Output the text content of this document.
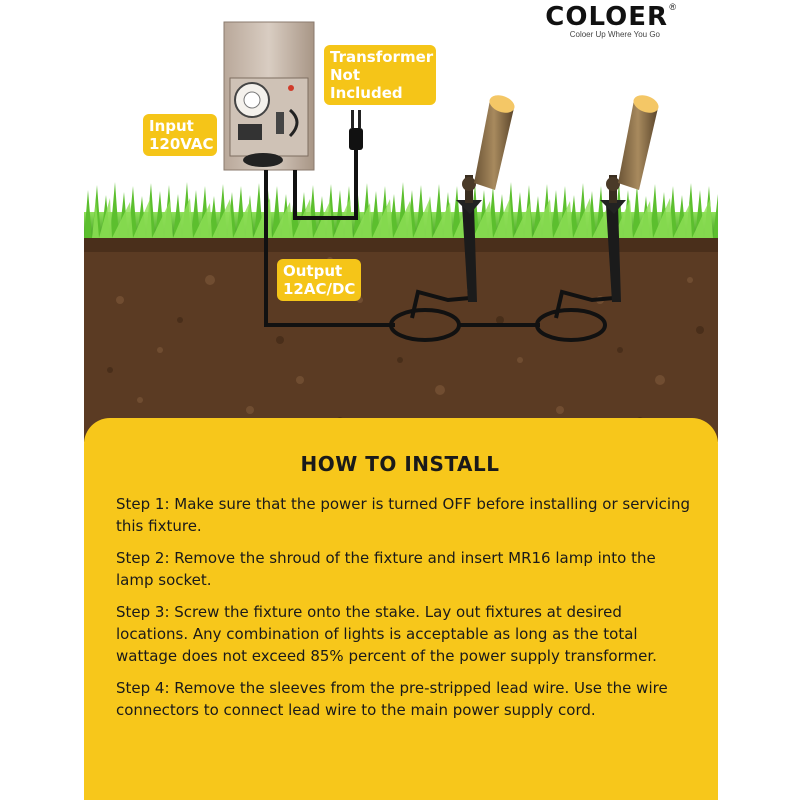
COLOER ®
Coloer Up Where You Go
Transformer Not Included
Input 120VAC
Output 12AC/DC
HOW TO INSTALL

Step 1: Make sure that the power is turned OFF before installing or servicing this fixture.

Step 2: Remove the shroud of the fixture and insert MR16 lamp into the lamp socket.

Step 3: Screw the fixture onto the stake. Lay out fixtures at desired locations. Any combination of lights is acceptable as long as the total wattage does not exceed 85% percent of the power supply transformer.

Step 4: Remove the sleeves from the pre-stripped lead wire. Use the wire connectors to connect lead wire to the main power supply cord.
